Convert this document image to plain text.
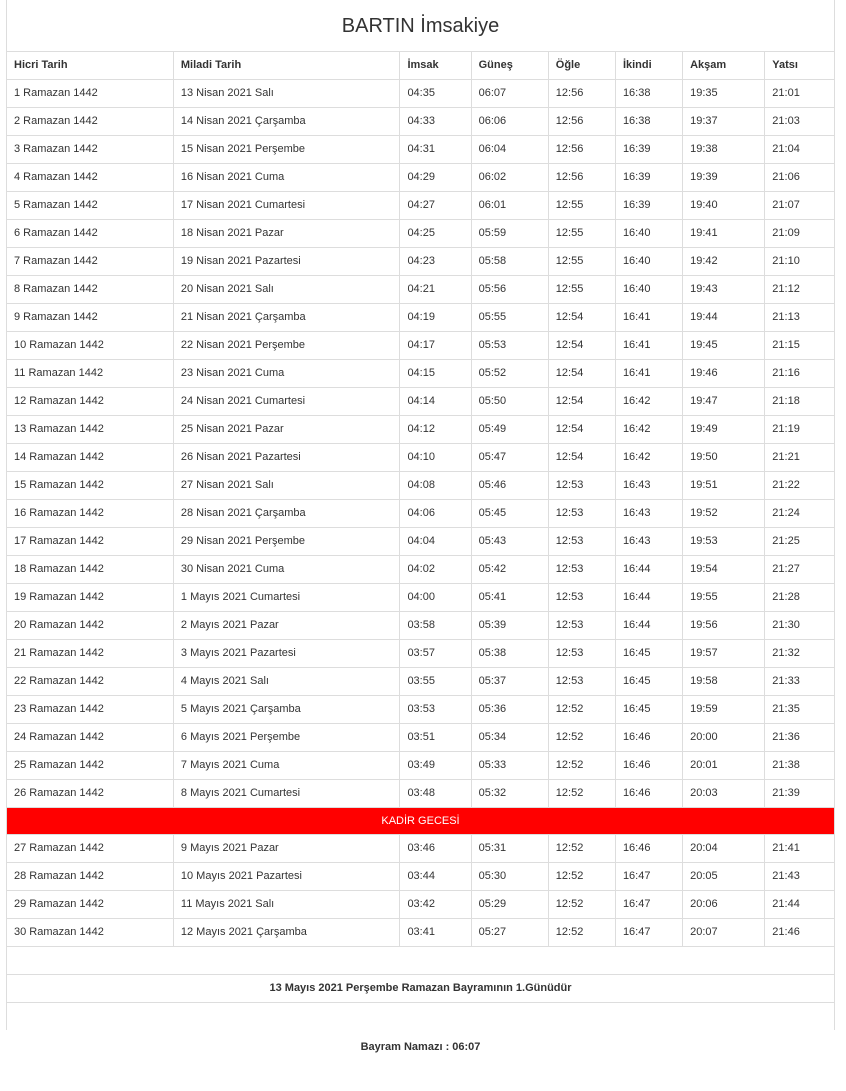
BARTIN İmsakiye
Hicri Tarih	Miladi Tarih	İmsak	Güneş	Öğle	İkindi	Akşam	Yatsı
1 Ramazan 1442	13 Nisan 2021 Salı	04:35	06:07	12:56	16:38	19:35	21:01
2 Ramazan 1442	14 Nisan 2021 Çarşamba	04:33	06:06	12:56	16:38	19:37	21:03
3 Ramazan 1442	15 Nisan 2021 Perşembe	04:31	06:04	12:56	16:39	19:38	21:04
4 Ramazan 1442	16 Nisan 2021 Cuma	04:29	06:02	12:56	16:39	19:39	21:06
5 Ramazan 1442	17 Nisan 2021 Cumartesi	04:27	06:01	12:55	16:39	19:40	21:07
6 Ramazan 1442	18 Nisan 2021 Pazar	04:25	05:59	12:55	16:40	19:41	21:09
7 Ramazan 1442	19 Nisan 2021 Pazartesi	04:23	05:58	12:55	16:40	19:42	21:10
8 Ramazan 1442	20 Nisan 2021 Salı	04:21	05:56	12:55	16:40	19:43	21:12
9 Ramazan 1442	21 Nisan 2021 Çarşamba	04:19	05:55	12:54	16:41	19:44	21:13
10 Ramazan 1442	22 Nisan 2021 Perşembe	04:17	05:53	12:54	16:41	19:45	21:15
11 Ramazan 1442	23 Nisan 2021 Cuma	04:15	05:52	12:54	16:41	19:46	21:16
12 Ramazan 1442	24 Nisan 2021 Cumartesi	04:14	05:50	12:54	16:42	19:47	21:18
13 Ramazan 1442	25 Nisan 2021 Pazar	04:12	05:49	12:54	16:42	19:49	21:19
14 Ramazan 1442	26 Nisan 2021 Pazartesi	04:10	05:47	12:54	16:42	19:50	21:21
15 Ramazan 1442	27 Nisan 2021 Salı	04:08	05:46	12:53	16:43	19:51	21:22
16 Ramazan 1442	28 Nisan 2021 Çarşamba	04:06	05:45	12:53	16:43	19:52	21:24
17 Ramazan 1442	29 Nisan 2021 Perşembe	04:04	05:43	12:53	16:43	19:53	21:25
18 Ramazan 1442	30 Nisan 2021 Cuma	04:02	05:42	12:53	16:44	19:54	21:27
19 Ramazan 1442	1 Mayıs 2021 Cumartesi	04:00	05:41	12:53	16:44	19:55	21:28
20 Ramazan 1442	2 Mayıs 2021 Pazar	03:58	05:39	12:53	16:44	19:56	21:30
21 Ramazan 1442	3 Mayıs 2021 Pazartesi	03:57	05:38	12:53	16:45	19:57	21:32
22 Ramazan 1442	4 Mayıs 2021 Salı	03:55	05:37	12:53	16:45	19:58	21:33
23 Ramazan 1442	5 Mayıs 2021 Çarşamba	03:53	05:36	12:52	16:45	19:59	21:35
24 Ramazan 1442	6 Mayıs 2021 Perşembe	03:51	05:34	12:52	16:46	20:00	21:36
25 Ramazan 1442	7 Mayıs 2021 Cuma	03:49	05:33	12:52	16:46	20:01	21:38
26 Ramazan 1442	8 Mayıs 2021 Cumartesi	03:48	05:32	12:52	16:46	20:03	21:39
KADİR GECESİ							
27 Ramazan 1442	9 Mayıs 2021 Pazar	03:46	05:31	12:52	16:46	20:04	21:41
28 Ramazan 1442	10 Mayıs 2021 Pazartesi	03:44	05:30	12:52	16:47	20:05	21:43
29 Ramazan 1442	11 Mayıs 2021 Salı	03:42	05:29	12:52	16:47	20:06	21:44
30 Ramazan 1442	12 Mayıs 2021 Çarşamba	03:41	05:27	12:52	16:47	20:07	21:46
13 Mayıs 2021 Perşembe Ramazan Bayramının 1.Günüdür
Bayram Namazı : 06:07
